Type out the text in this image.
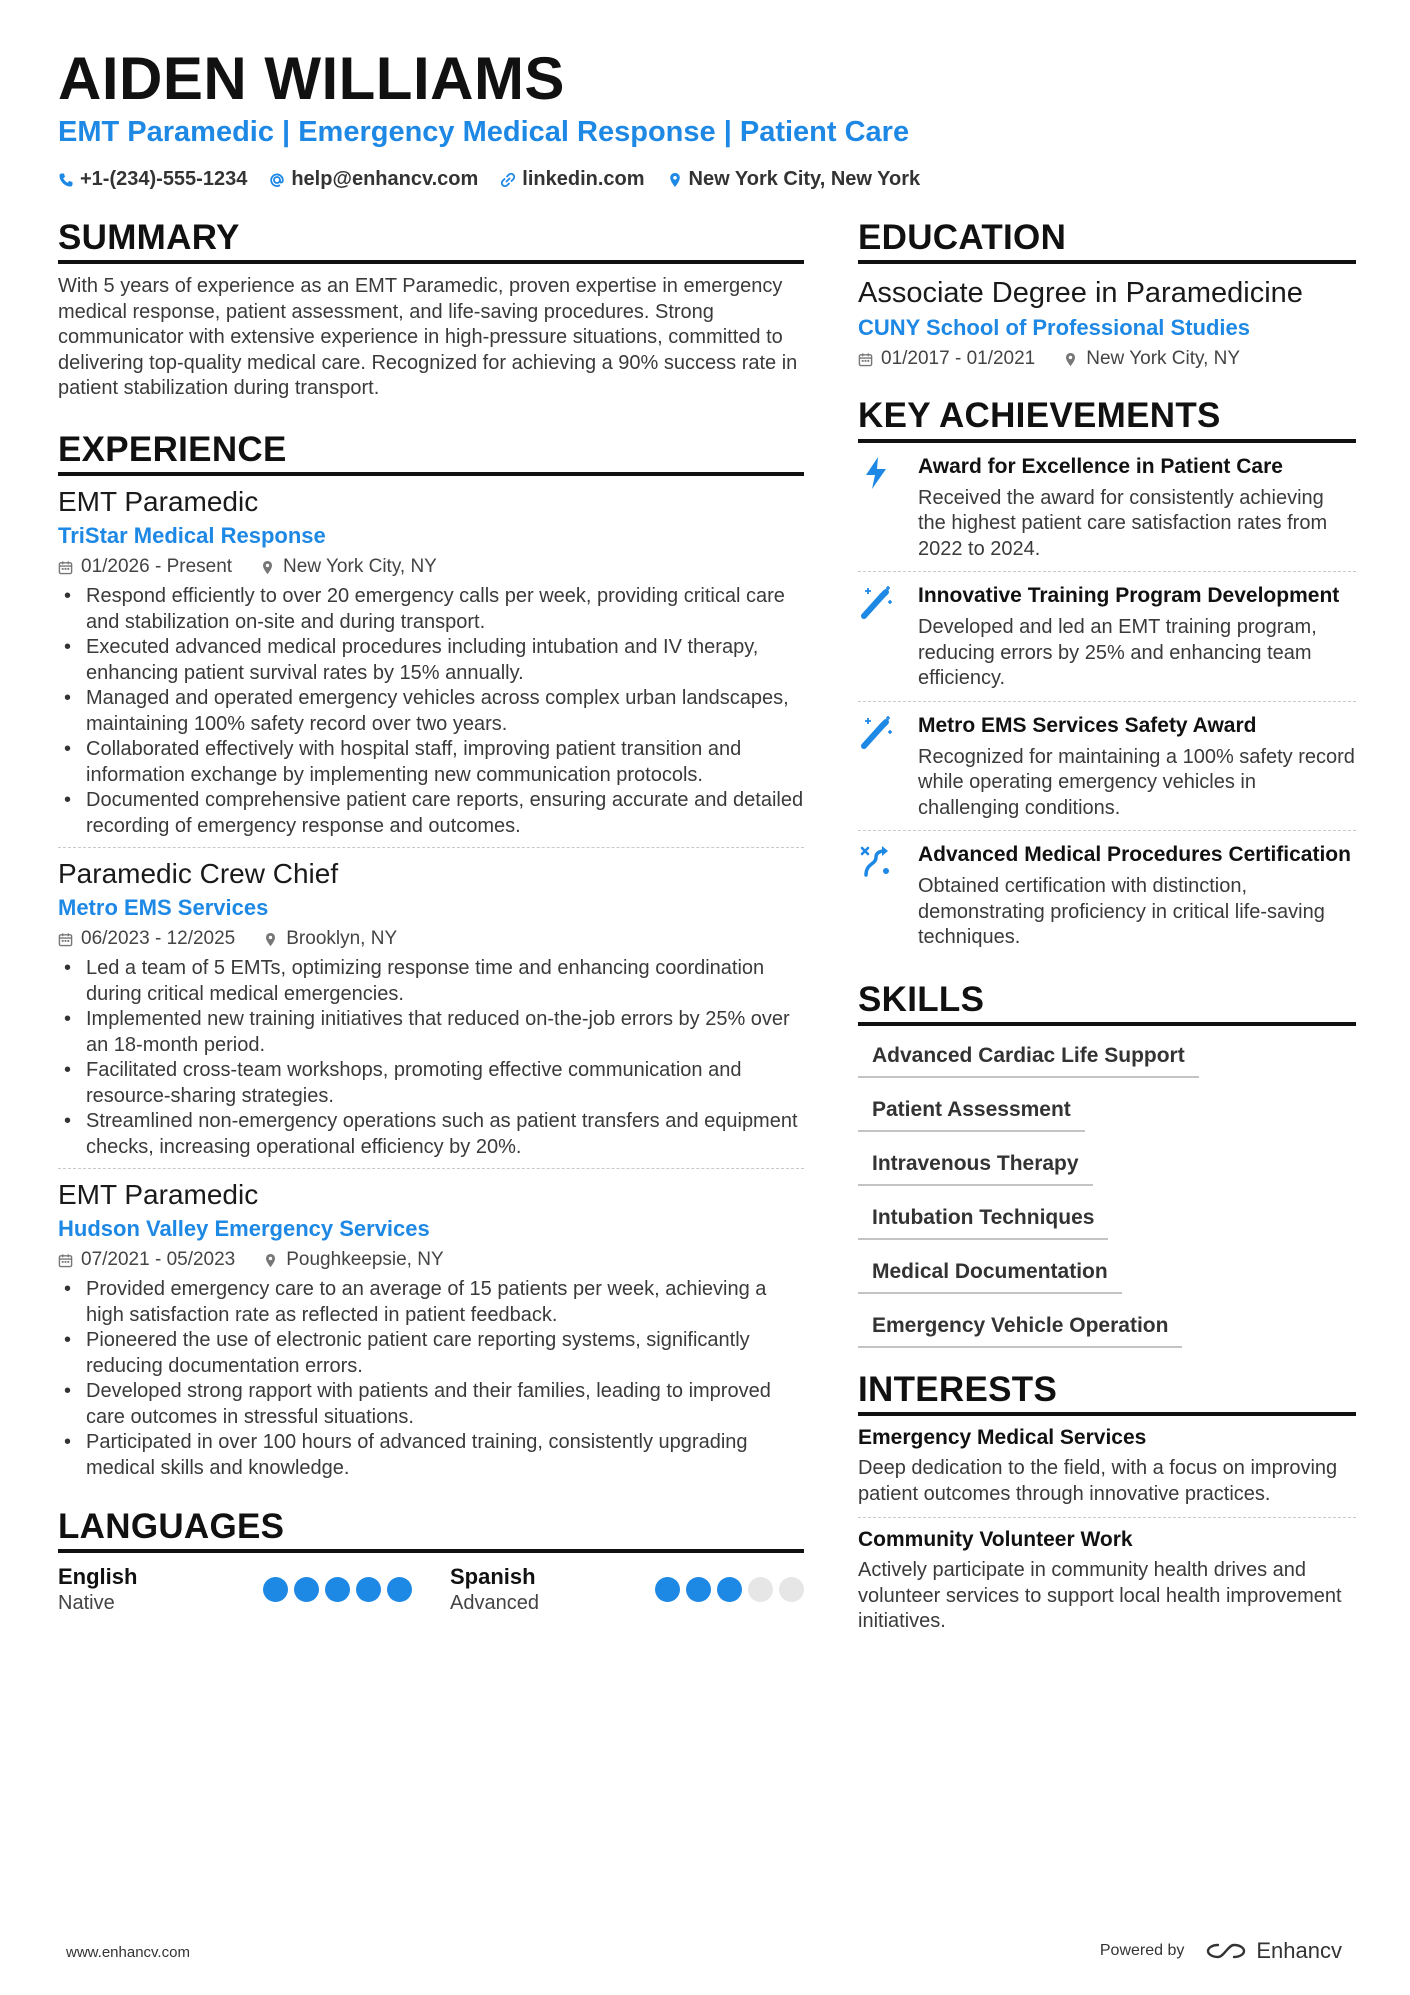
AIDEN WILLIAMS
EMT Paramedic | Emergency Medical Response | Patient Care
+1-(234)-555-1234 help@enhancv.com linkedin.com New York City, New York
SUMMARY
With 5 years of experience as an EMT Paramedic, proven expertise in emergency medical response, patient assessment, and life-saving procedures. Strong communicator with extensive experience in high-pressure situations, committed to delivering top-quality medical care. Recognized for achieving a 90% success rate in patient stabilization during transport.
EXPERIENCE
EMT Paramedic
TriStar Medical Response
01/2026 - Present	New York City, NY
• Respond efficiently to over 20 emergency calls per week, providing critical care and stabilization on-site and during transport.
• Executed advanced medical procedures including intubation and IV therapy, enhancing patient survival rates by 15% annually.
• Managed and operated emergency vehicles across complex urban landscapes, maintaining 100% safety record over two years.
• Collaborated effectively with hospital staff, improving patient transition and information exchange by implementing new communication protocols.
• Documented comprehensive patient care reports, ensuring accurate and detailed recording of emergency response and outcomes.
Paramedic Crew Chief
Metro EMS Services
06/2023 - 12/2025	Brooklyn, NY
• Led a team of 5 EMTs, optimizing response time and enhancing coordination during critical medical emergencies.
• Implemented new training initiatives that reduced on-the-job errors by 25% over an 18-month period.
• Facilitated cross-team workshops, promoting effective communication and resource-sharing strategies.
• Streamlined non-emergency operations such as patient transfers and equipment checks, increasing operational efficiency by 20%.
EMT Paramedic
Hudson Valley Emergency Services
07/2021 - 05/2023	Poughkeepsie, NY
• Provided emergency care to an average of 15 patients per week, achieving a high satisfaction rate as reflected in patient feedback.
• Pioneered the use of electronic patient care reporting systems, significantly reducing documentation errors.
• Developed strong rapport with patients and their families, leading to improved care outcomes in stressful situations.
• Participated in over 100 hours of advanced training, consistently upgrading medical skills and knowledge.
LANGUAGES
English
Native
Spanish
Advanced
EDUCATION
Associate Degree in Paramedicine
CUNY School of Professional Studies
01/2017 - 01/2021	New York City, NY
KEY ACHIEVEMENTS
Award for Excellence in Patient Care
Received the award for consistently achieving the highest patient care satisfaction rates from 2022 to 2024.
Innovative Training Program Development
Developed and led an EMT training program, reducing errors by 25% and enhancing team efficiency.
Metro EMS Services Safety Award
Recognized for maintaining a 100% safety record while operating emergency vehicles in challenging conditions.
Advanced Medical Procedures Certification
Obtained certification with distinction, demonstrating proficiency in critical life-saving techniques.
SKILLS
Advanced Cardiac Life Support
Patient Assessment
Intravenous Therapy
Intubation Techniques
Medical Documentation
Emergency Vehicle Operation
INTERESTS
Emergency Medical Services
Deep dedication to the field, with a focus on improving patient outcomes through innovative practices.
Community Volunteer Work
Actively participate in community health drives and volunteer services to support local health improvement initiatives.
www.enhancv.com	Powered by	Enhancv
